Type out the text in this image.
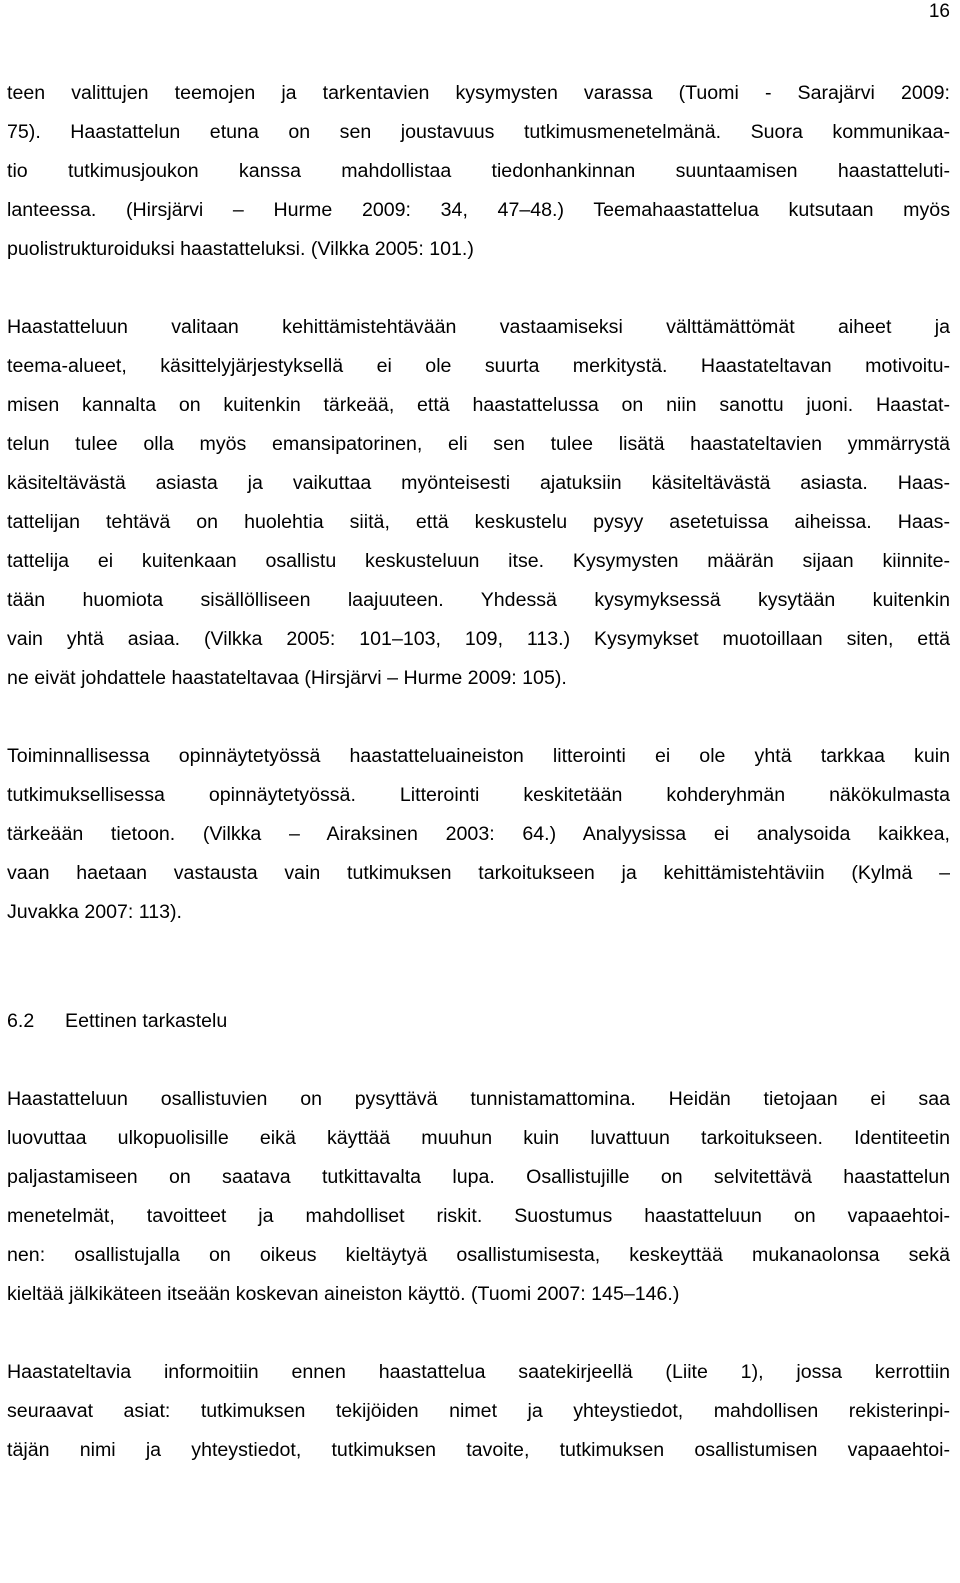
16
teen valittujen teemojen ja tarkentavien kysymysten varassa (Tuomi - Sarajärvi 2009:
75). Haastattelun etuna on sen joustavuus tutkimusmenetelmänä. Suora kommunikaa-
tio tutkimusjoukon kanssa mahdollistaa tiedonhankinnan suuntaamisen haastatteluti-
lanteessa. (Hirsjärvi – Hurme 2009: 34, 47–48.) Teemahaastattelua kutsutaan myös
puolistrukturoiduksi haastatteluksi. (Vilkka 2005: 101.)
Haastatteluun valitaan kehittämistehtävään vastaamiseksi välttämättömät aiheet ja
teema-alueet, käsittelyjärjestyksellä ei ole suurta merkitystä. Haastateltavan motivoitu-
misen kannalta on kuitenkin tärkeää, että haastattelussa on niin sanottu juoni. Haastat-
telun tulee olla myös emansipatorinen, eli sen tulee lisätä haastateltavien ymmärrystä
käsiteltävästä asiasta ja vaikuttaa myönteisesti ajatuksiin käsiteltävästä asiasta. Haas-
tattelijan tehtävä on huolehtia siitä, että keskustelu pysyy asetetuissa aiheissa. Haas-
tattelija ei kuitenkaan osallistu keskusteluun itse. Kysymysten määrän sijaan kiinnite-
tään huomiota sisällölliseen laajuuteen. Yhdessä kysymyksessä kysytään kuitenkin
vain yhtä asiaa. (Vilkka 2005: 101–103, 109, 113.) Kysymykset muotoillaan siten, että
ne eivät johdattele haastateltavaa (Hirsjärvi – Hurme 2009: 105).
Toiminnallisessa opinnäytetyössä haastatteluaineiston litterointi ei ole yhtä tarkkaa kuin
tutkimuksellisessa opinnäytetyössä. Litterointi keskitetään kohderyhmän näkökulmasta
tärkeään tietoon. (Vilkka – Airaksinen 2003: 64.) Analyysissa ei analysoida kaikkea,
vaan haetaan vastausta vain tutkimuksen tarkoitukseen ja kehittämistehtäviin (Kylmä –
Juvakka 2007: 113).
6.2 Eettinen tarkastelu
Haastatteluun osallistuvien on pysyttävä tunnistamattomina. Heidän tietojaan ei saa
luovuttaa ulkopuolisille eikä käyttää muuhun kuin luvattuun tarkoitukseen. Identiteetin
paljastamiseen on saatava tutkittavalta lupa. Osallistujille on selvitettävä haastattelun
menetelmät, tavoitteet ja mahdolliset riskit. Suostumus haastatteluun on vapaaehtoi-
nen: osallistujalla on oikeus kieltäytyä osallistumisesta, keskeyttää mukanaolonsa sekä
kieltää jälkikäteen itseään koskevan aineiston käyttö. (Tuomi 2007: 145–146.)
Haastateltavia informoitiin ennen haastattelua saatekirjeellä (Liite 1), jossa kerrottiin
seuraavat asiat: tutkimuksen tekijöiden nimet ja yhteystiedot, mahdollisen rekisterinpi-
täjän nimi ja yhteystiedot, tutkimuksen tavoite, tutkimuksen osallistumisen vapaaehtoi-
